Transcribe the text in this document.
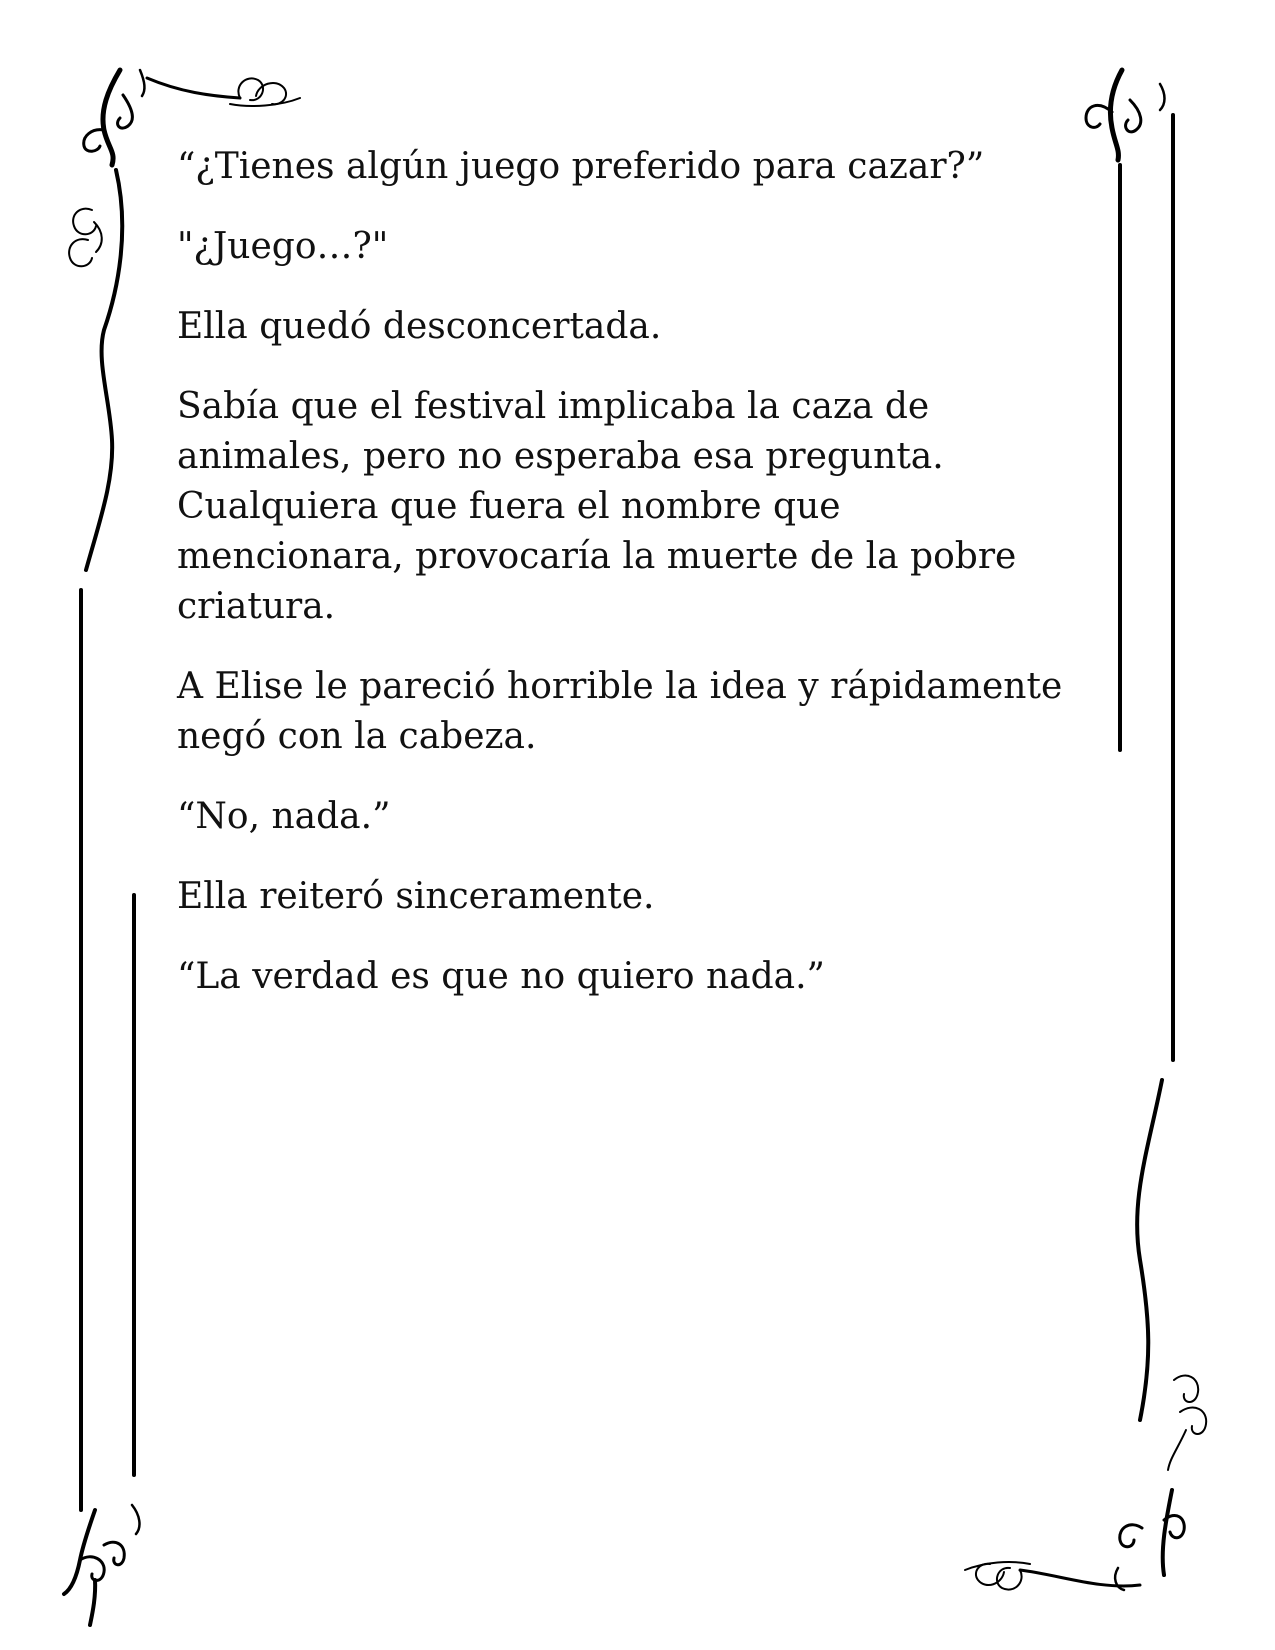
“¿Tienes algún juego preferido para cazar?”

"¿Juego…?"

Ella quedó desconcertada.

Sabía que el festival implicaba la caza de animales, pero no esperaba esa pregunta. Cualquiera que fuera el nombre que mencionara, provocaría la muerte de la pobre criatura.

A Elise le pareció horrible la idea y rápidamente negó con la cabeza.

“No, nada.”

Ella reiteró sinceramente.

“La verdad es que no quiero nada.”
